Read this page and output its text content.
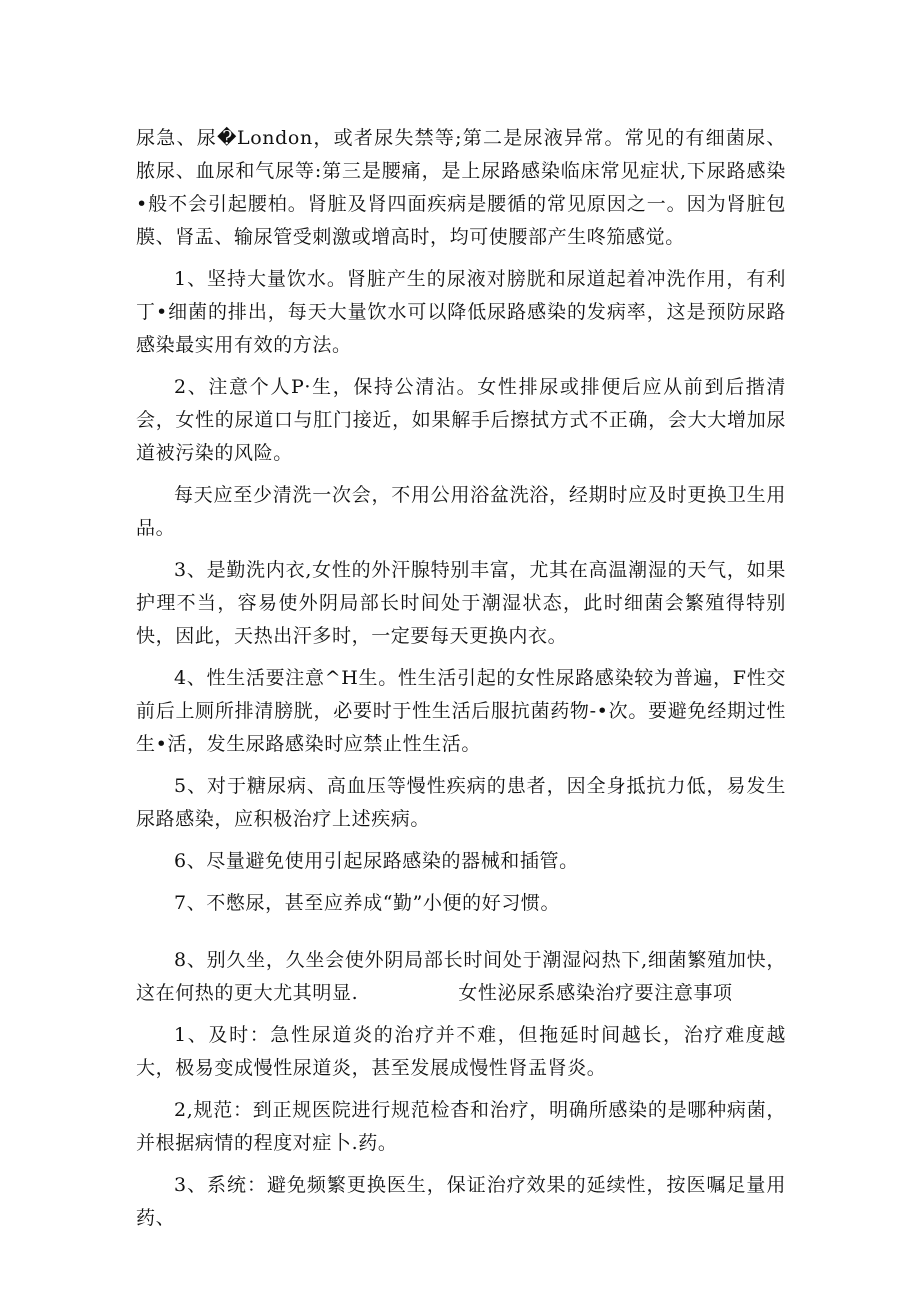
尿急、尿�London，或者尿失禁等;第二是尿液异常。常见的有细菌尿、脓尿、血尿和气尿等:第三是腰痛，是上尿路感染临床常见症状,下尿路感染•般不会引起腰柏。肾脏及肾四面疾病是腰循的常见原因之一。因为肾脏包膜、肾盂、输尿管受刺激或增高时，均可使腰部产生咚笳感觉。

1、坚持大量饮水。肾脏产生的尿液对膀胱和尿道起着冲洗作用，有利丁•细菌的排出，每天大量饮水可以降低尿路感染的发病率，这是预防尿路感染最实用有效的方法。

2、注意个人P·生，保持公清沾。女性排尿或排便后应从前到后揩清会，女性的尿道口与肛门接近，如果解手后擦拭方式不正确，会大大增加尿道被污染的风险。

每天应至少清洗一次会，不用公用浴盆洗浴，经期时应及时更换卫生用品。

3、是勤洗内衣,女性的外汗腺特别丰富，尤其在高温潮湿的天气，如果护理不当，容易使外阴局部长时间处于潮湿状态，此时细菌会繁殖得特别快，因此，天热出汗多时，一定要每天更换内衣。

4、性生活要注意^H生。性生活引起的女性尿路感染较为普遍，F性交前后上厕所排清膀胱，必要时于性生活后服抗菌药物-•次。要避免经期过性生•活，发生尿路感染时应禁止性生活。

5、对于糖尿病、高血压等慢性疾病的患者，因全身抵抗力低，易发生尿路感染，应积极治疗上述疾病。

6、尽量避免使用引起尿路感染的器械和插管。

7、不憋尿，甚至应养成“勤”小便的好习惯。

8、别久坐，久坐会使外阴局部长时间处于潮湿闷热下,细菌繁殖加快，这在何热的更大尤其明显.	女性泌尿系感染治疗要注意事项

1、及时：急性尿道炎的治疗并不难，但拖延时间越长，治疗难度越大，极易变成慢性尿道炎，甚至发展成慢性肾盂肾炎。

2,规范：到正规医院进行规范检杳和治疗，明确所感染的是哪种病菌，并根据病情的程度对症卜.药。

3、系统：避免频繁更换医生，保证治疗效果的延续性，按医嘱足量用药、
